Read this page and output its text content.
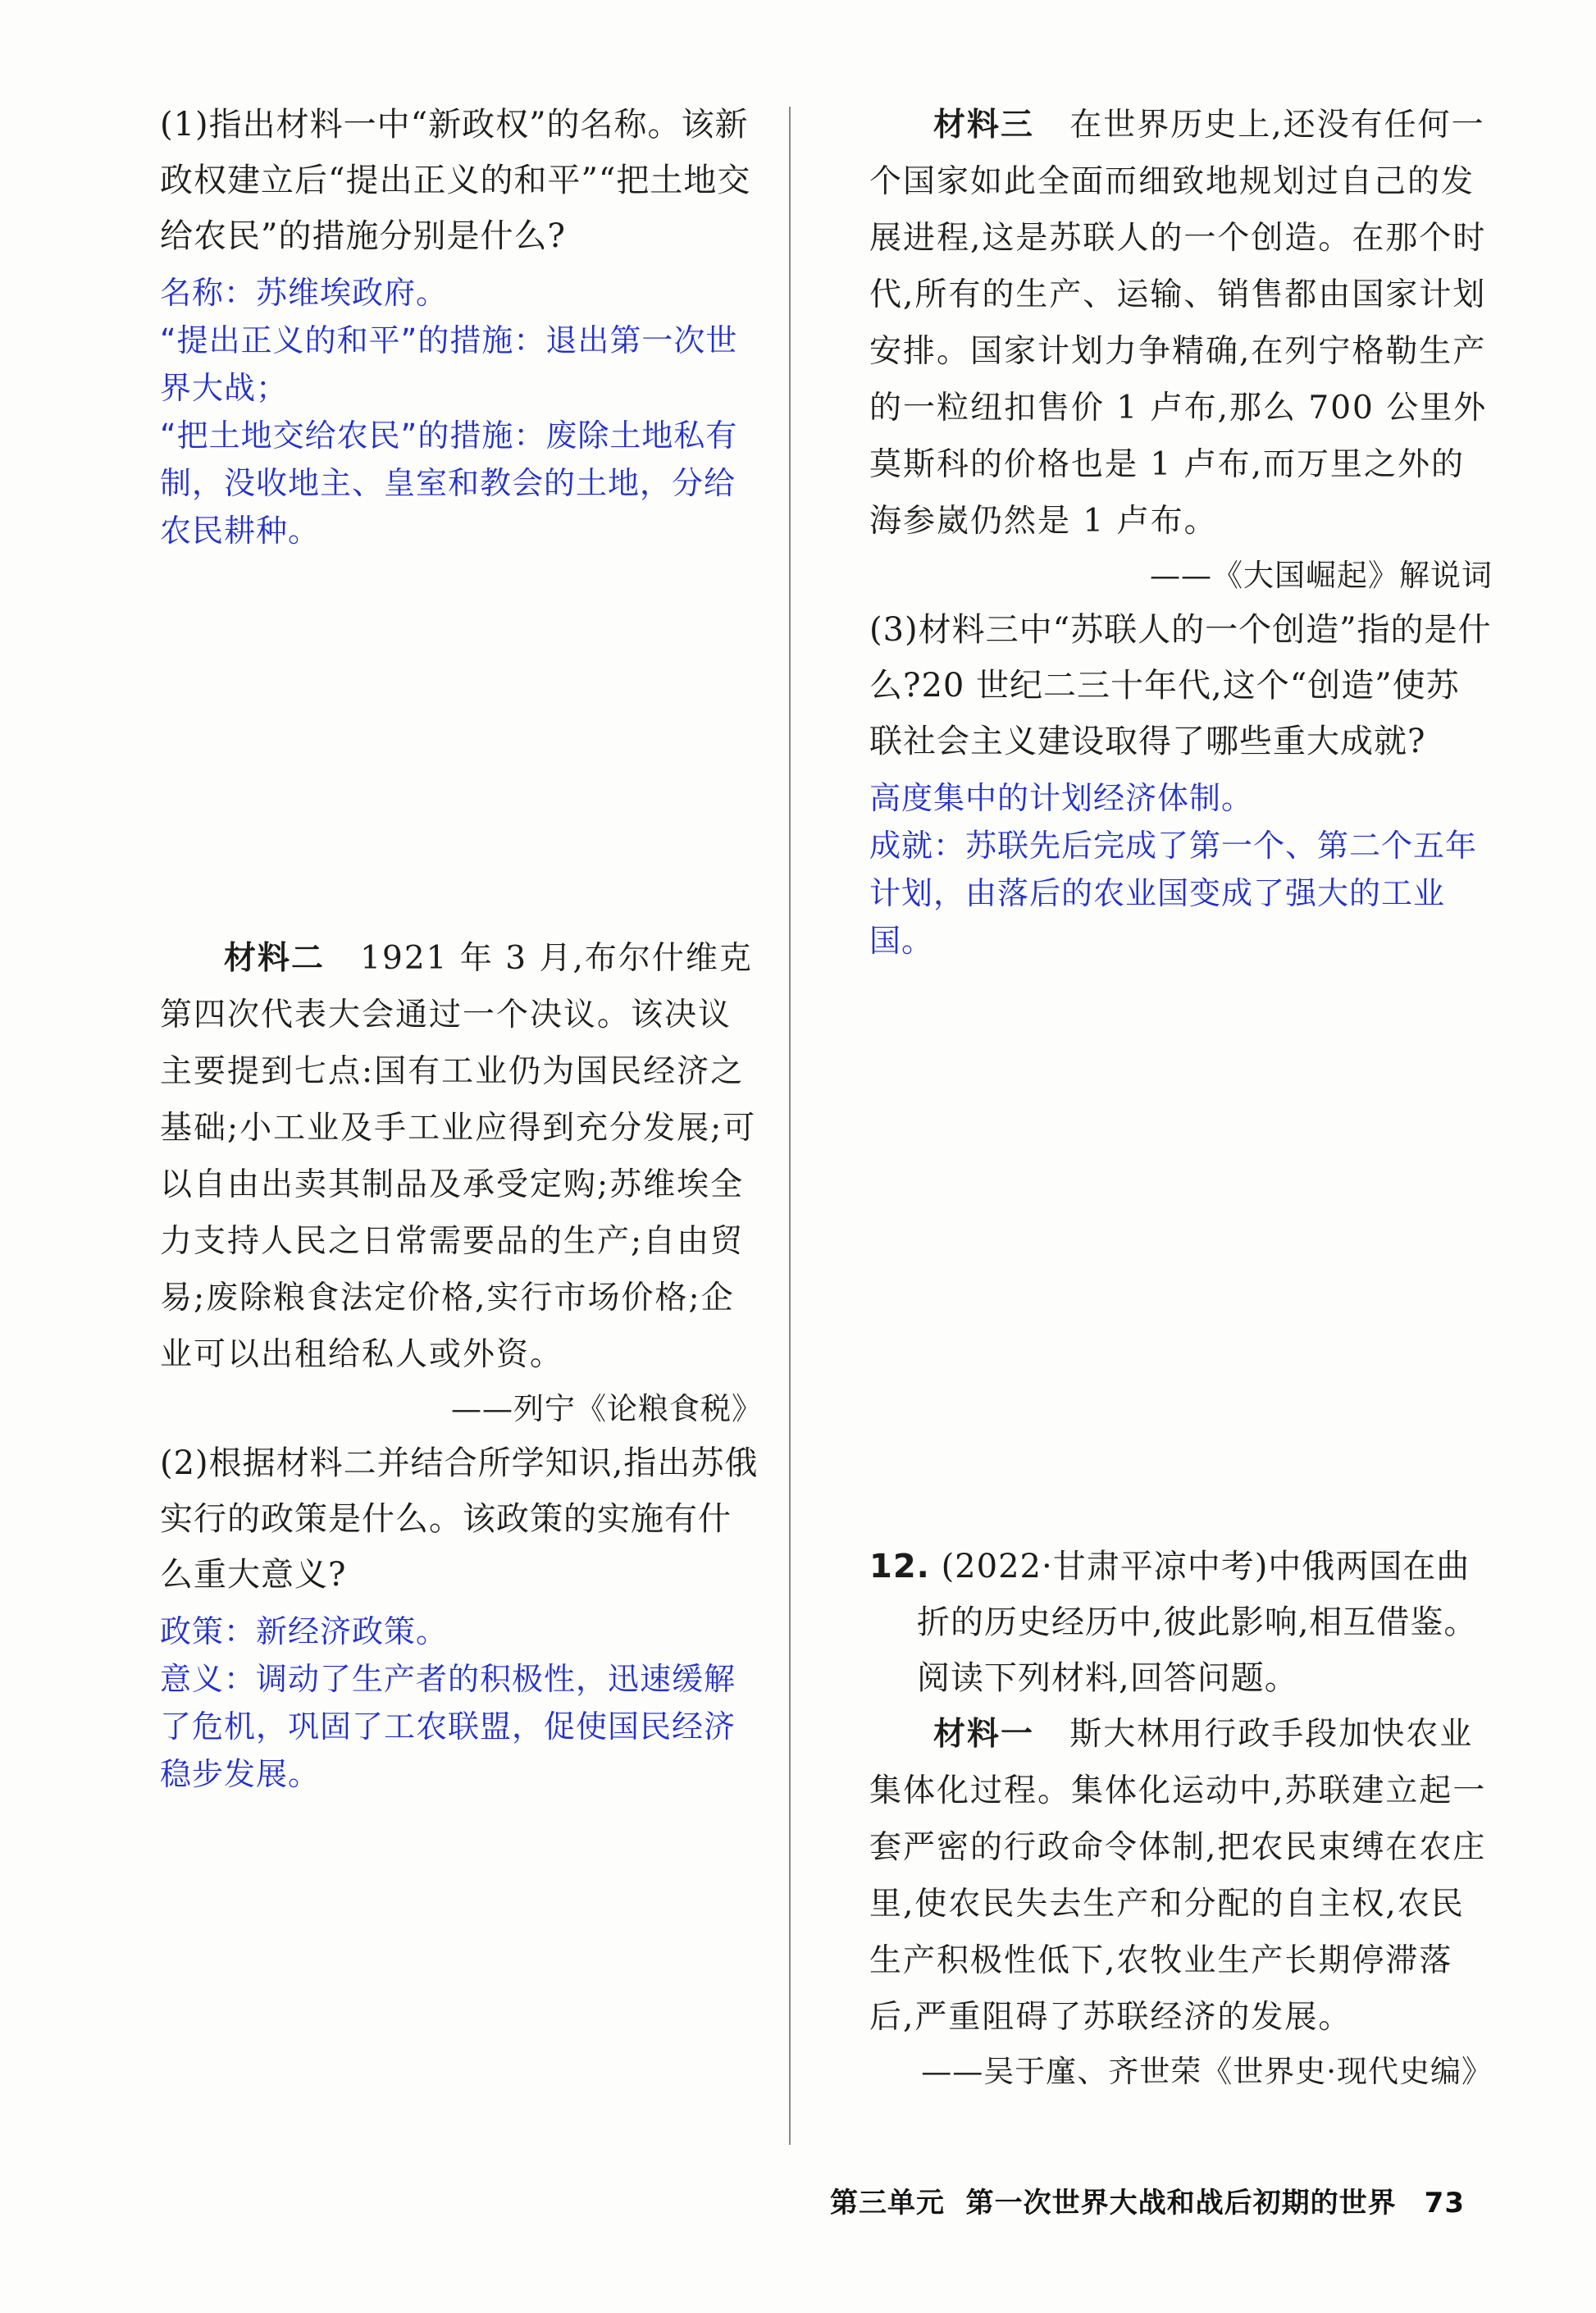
(1)指出材料一中“新政权”的名称。该新政权建立后“提出正义的和平”“把土地交给农民”的措施分别是什么?

名称：苏维埃政府。

“提出正义的和平”的措施：退出第一次世界大战；

“把土地交给农民”的措施：废除土地私有制，没收地主、皇室和教会的土地，分给农民耕种。

材料二 1921 年 3 月,布尔什维克第四次代表大会通过一个决议。该决议主要提到七点:国有工业仍为国民经济之基础;小工业及手工业应得到充分发展;可以自由出卖其制品及承受定购;苏维埃全力支持人民之日常需要品的生产;自由贸易;废除粮食法定价格,实行市场价格;企业可以出租给私人或外资。

——列宁《论粮食税》

(2)根据材料二并结合所学知识,指出苏俄实行的政策是什么。该政策的实施有什么重大意义?

政策：新经济政策。

意义：调动了生产者的积极性，迅速缓解了危机，巩固了工农联盟，促使国民经济稳步发展。

材料三 在世界历史上,还没有任何一个国家如此全面而细致地规划过自己的发展进程,这是苏联人的一个创造。在那个时代,所有的生产、运输、销售都由国家计划安排。国家计划力争精确,在列宁格勒生产的一粒纽扣售价 1 卢布,那么 700 公里外莫斯科的价格也是 1 卢布,而万里之外的海参崴仍然是 1 卢布。

——《大国崛起》解说词

(3)材料三中“苏联人的一个创造”指的是什么?20 世纪二三十年代,这个“创造”使苏联社会主义建设取得了哪些重大成就?

高度集中的计划经济体制。

成就：苏联先后完成了第一个、第二个五年计划，由落后的农业国变成了强大的工业国。

12. (2022·甘肃平凉中考)中俄两国在曲折的历史经历中,彼此影响,相互借鉴。阅读下列材料,回答问题。

材料一 斯大林用行政手段加快农业集体化过程。集体化运动中,苏联建立起一套严密的行政命令体制,把农民束缚在农庄里,使农民失去生产和分配的自主权,农民生产积极性低下,农牧业生产长期停滞落后,严重阻碍了苏联经济的发展。

——吴于廑、齐世荣《世界史·现代史编》

第三单元 第一次世界大战和战后初期的世界 73
